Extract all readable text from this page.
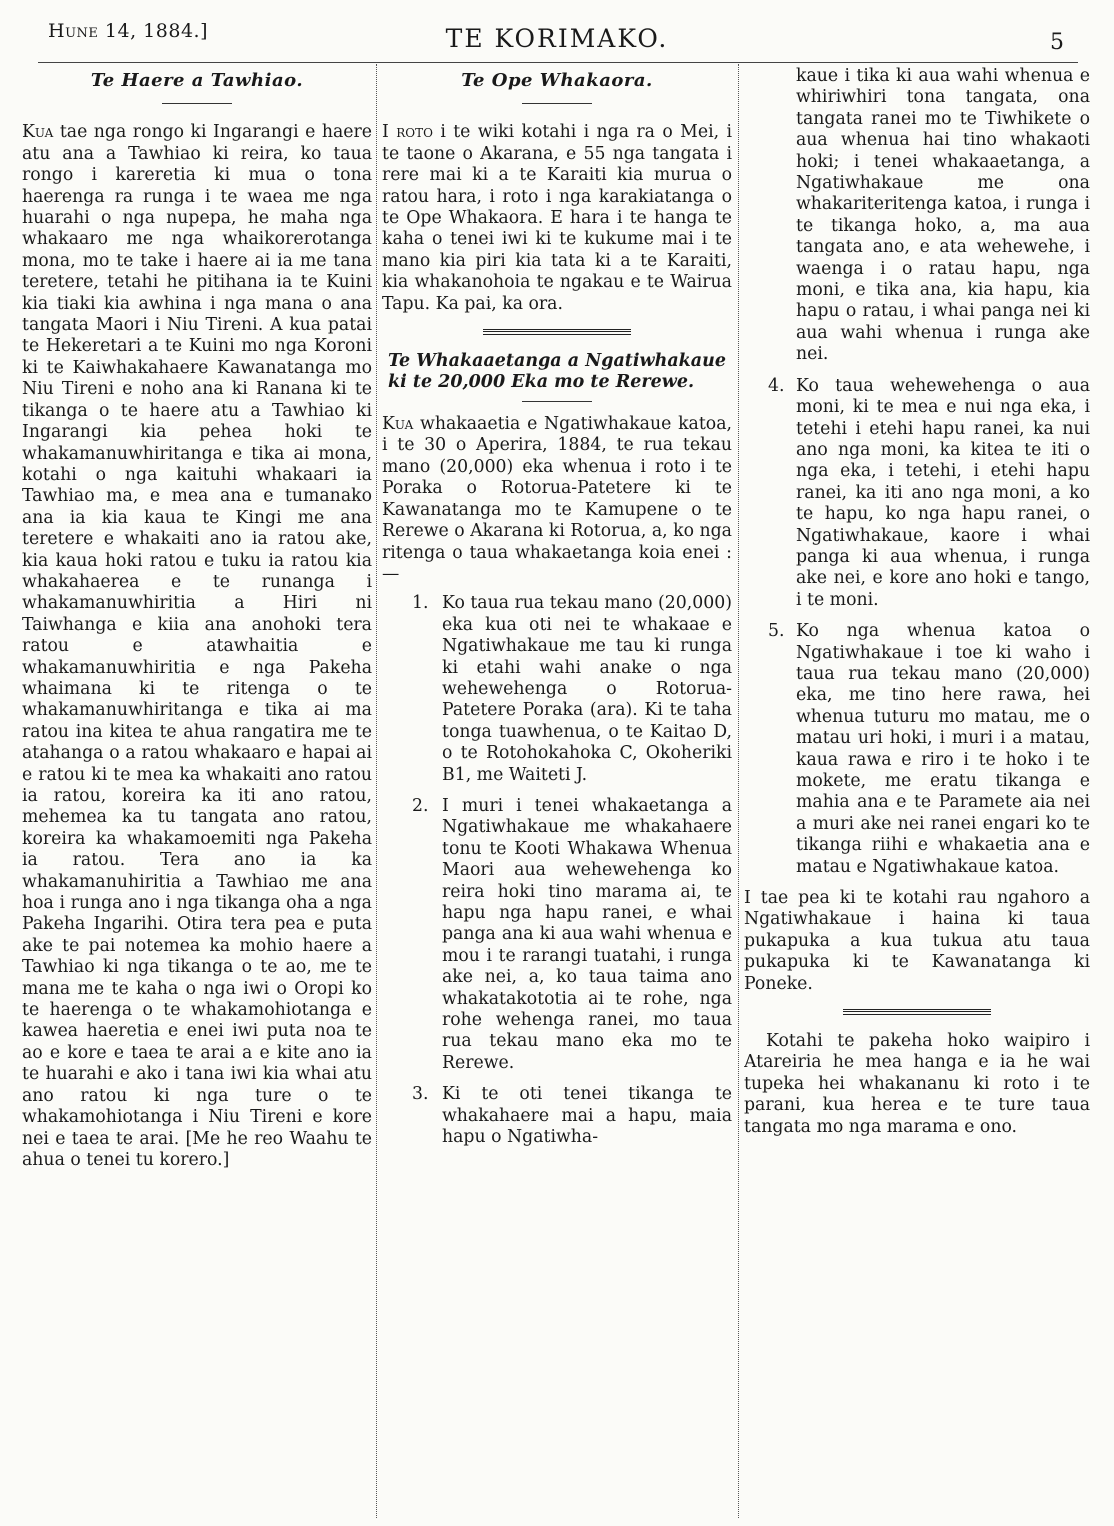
Hune 14, 1884.]	TE KORIMAKO.	5
Te Haere a Tawhiao.

Kua tae nga rongo ki Ingarangi e haere atu ana a Tawhiao ki reira, ko taua rongo i kareretia ki mua o tona haerenga ra runga i te waea me nga huarahi o nga nupepa, he maha nga whakaaro me nga whaikorerotanga mona, mo te take i haere ai ia me tana teretere, tetahi he pitihana ia te Kuini kia tiaki kia awhina i nga mana o ana tangata Maori i Niu Tireni. A kua patai te Hekeretari a te Kuini mo nga Koroni ki te Kaiwhakahaere Kawanatanga mo Niu Tireni e noho ana ki Ranana ki te tikanga o te haere atu a Tawhiao ki Ingarangi kia pehea hoki te whakamanuwhiritanga e tika ai mona, kotahi o nga kaituhi whakaari ia Tawhiao ma, e mea ana e tumanako ana ia kia kaua te Kingi me ana teretere e whakaiti ano ia ratou ake, kia kaua hoki ratou e tuku ia ratou kia whakahaerea e te runanga i whakamanuwhiritia a Hiri ni Taiwhanga e kiia ana anohoki tera ratou e atawhaitia e whakamanuwhiritia e nga Pakeha whaimana ki te ritenga o te whakamanuwhiritanga e tika ai ma ratou ina kitea te ahua rangatira me te atahanga o a ratou whakaaro e hapai ai e ratou ki te mea ka whakaiti ano ratou ia ratou, koreira ka iti ano ratou, mehemea ka tu tangata ano ratou, koreira ka whakamoemiti nga Pakeha ia ratou. Tera ano ia ka whakamanuhiritia a Tawhiao me ana hoa i runga ano i nga tikanga oha a nga Pakeha Ingarihi. Otira tera pea e puta ake te pai notemea ka mohio haere a Tawhiao ki nga tikanga o te ao, me te mana me te kaha o nga iwi o Oropi ko te haerenga o te whakamohiotanga e kawea haeretia e enei iwi puta noa te ao e kore e taea te arai a e kite ano ia te huarahi e ako i tana iwi kia whai atu ano ratou ki nga ture o te whakamohiotanga i Niu Tireni e kore nei e taea te arai. [Me he reo Waahu te ahua o tenei tu korero.]

Te Ope Whakaora.

I roto i te wiki kotahi i nga ra o Mei, i te taone o Akarana, e 55 nga tangata i rere mai ki a te Karaiti kia murua o ratou hara, i roto i nga karakiatanga o te Ope Whakaora. E hara i te hanga te kaha o tenei iwi ki te kukume mai i te mano kia piri kia tata ki a te Karaiti, kia whakanohoia te ngakau e te Wairua Tapu. Ka pai, ka ora.

Te Whakaaetanga a Ngatiwhakaue ki te 20,000 Eka mo te Rerewe.

Kua whakaaetia e Ngatiwhakaue katoa, i te 30 o Aperira, 1884, te rua tekau mano (20,000) eka whenua i roto i te Poraka o Rotorua-Patetere ki te Kawanatanga mo te Kamupene o te Rerewe o Akarana ki Rotorua, a, ko nga ritenga o taua whakaetanga koia enei :—

1. Ko taua rua tekau mano (20,000) eka kua oti nei te whakaae e Ngatiwhakaue me tau ki runga ki etahi wahi anake o nga wehewehenga o Rotorua-Patetere Poraka (ara). Ki te taha tonga tuawhenua, o te Kaitao D, o te Rotohokahoka C, Okoheriki B1, me Waiteti J.
2. I muri i tenei whakaetanga a Ngatiwhakaue me whakahaere tonu te Kooti Whakawa Whenua Maori aua wehewehenga ko reira hoki tino marama ai, te hapu nga hapu ranei, e whai panga ana ki aua wahi whenua e mou i te rarangi tuatahi, i runga ake nei, a, ko taua taima ano whakatakototia ai te rohe, nga rohe wehenga ranei, mo taua rua tekau mano eka mo te Rerewe.
3. Ki te oti tenei tikanga te whakahaere mai a hapu, maia hapu o Ngatiwha-

kaue i tika ki aua wahi whenua e whiriwhiri tona tangata, ona tangata ranei mo te Tiwhikete o aua whenua hai tino whakaoti hoki; i tenei whakaaetanga, a Ngatiwhakaue me ona whakariteritenga katoa, i runga i te tikanga hoko, a, ma aua tangata ano, e ata wehewehe, i waenga i o ratau hapu, nga moni, e tika ana, kia hapu, kia hapu o ratau, i whai panga nei ki aua wahi whenua i runga ake nei.

4. Ko taua wehewehenga o aua moni, ki te mea e nui nga eka, i tetehi i etehi hapu ranei, ka nui ano nga moni, ka kitea te iti o nga eka, i tetehi, i etehi hapu ranei, ka iti ano nga moni, a ko te hapu, ko nga hapu ranei, o Ngatiwhakaue, kaore i whai panga ki aua whenua, i runga ake nei, e kore ano hoki e tango, i te moni.
5. Ko nga whenua katoa o Ngatiwhakaue i toe ki waho i taua rua tekau mano (20,000) eka, me tino here rawa, hei whenua tuturu mo matau, me o matau uri hoki, i muri i a matau, kaua rawa e riro i te hoko i te mokete, me eratu tikanga e mahia ana e te Paramete aia nei a muri ake nei ranei engari ko te tikanga riihi e whakaetia ana e matau e Ngatiwhakaue katoa.

I tae pea ki te kotahi rau ngahoro a Ngatiwhakaue i haina ki taua pukapuka a kua tukua atu taua pukapuka ki te Kawanatanga ki Poneke.

Kotahi te pakeha hoko waipiro i Atareiria he mea hanga e ia he wai tupeka hei whakananu ki roto i te parani, kua herea e te ture taua tangata mo nga marama e ono.
